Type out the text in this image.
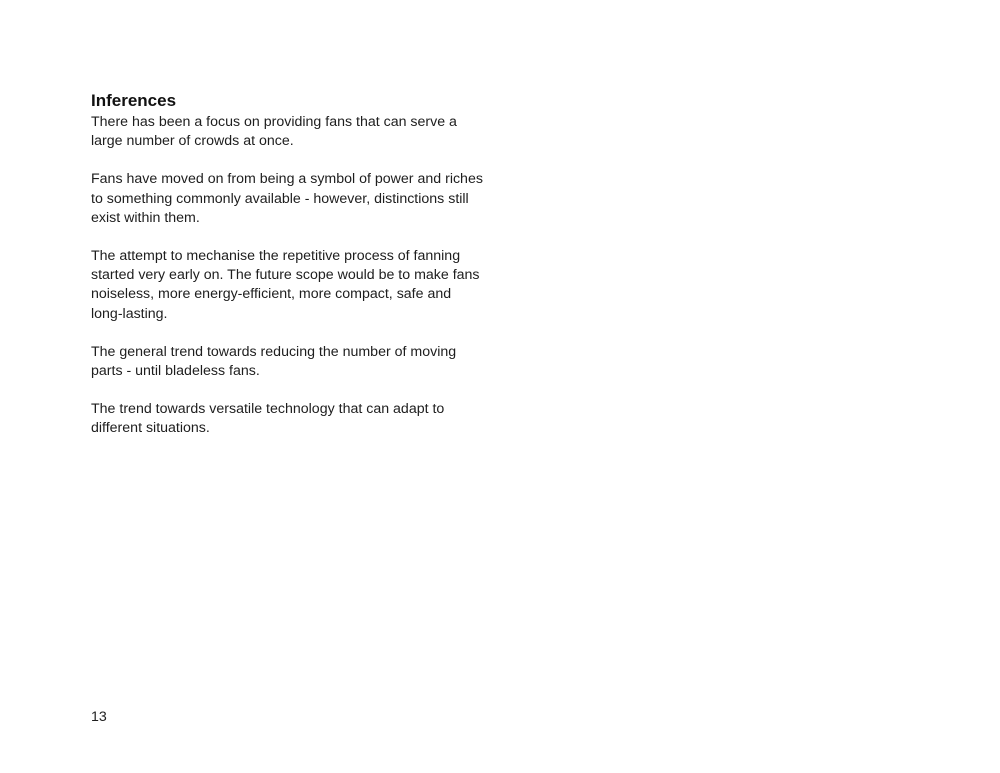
Inferences

There has been a focus on providing fans that can serve a large number of crowds at once.

Fans have moved on from being a symbol of power and riches to something commonly available - however, distinctions still exist within them.

The attempt to mechanise the repetitive process of fanning started very early on. The future scope would be to make fans noiseless, more energy-efficient, more compact, safe and long-lasting.

The general trend towards reducing the number of moving parts - until bladeless fans.

The trend towards versatile technology that can adapt to different situations.

13
